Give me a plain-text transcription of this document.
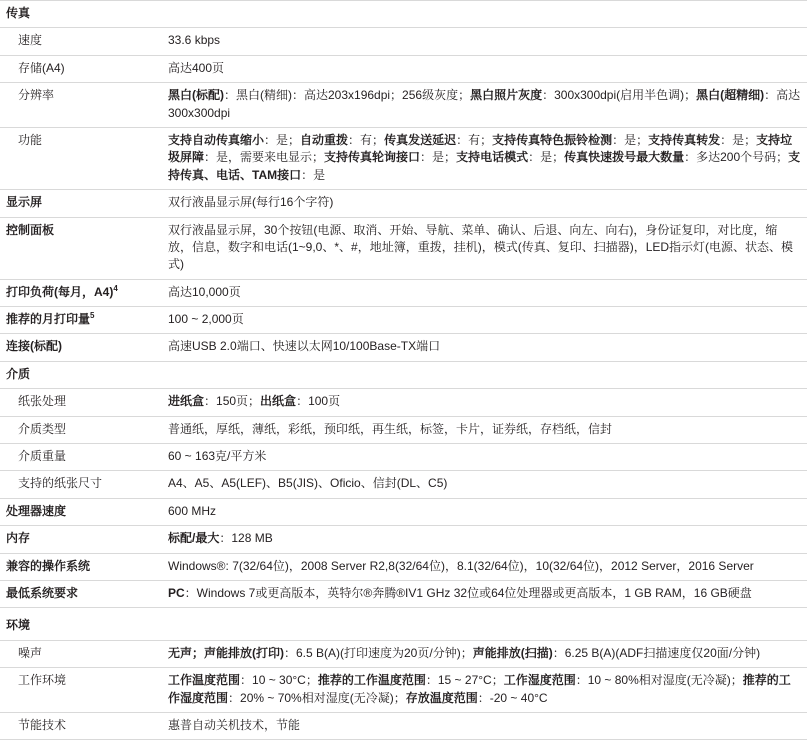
传真	
速度	33.6 kbps
存储(A4)	高达400页
分辨率	黑白(标配)：黑白(精细)：高达203x196dpi；256级灰度；黑白照片灰度：300x300dpi(启用半色调)；黑白(超精细)：高达300x300dpi
功能	支持自动传真缩小：是；自动重拨：有；传真发送延迟：有；支持传真特色振铃检测：是；支持传真转发：是；支持垃圾屏障：是，需要来电显示；支持传真轮询接口：是；支持电话模式：是；传真快速拨号最大数量：多达200个号码；支持传真、电话、TAM接口：是
显示屏	双行液晶显示屏(每行16个字符)
控制面板	双行液晶显示屏，30个按钮(电源、取消、开始、导航、菜单、确认、后退、向左、向右)，身份证复印，对比度，缩放，信息，数字和电话(1~9,0、*、#，地址簿，重拨，挂机)，模式(传真、复印、扫描器)，LED指示灯(电源、状态、模式)
打印负荷(每月，A4)$^4$	高达10,000页
推荐的月打印量$^5$	100 ~ 2,000页
连接(标配)	高速USB 2.0端口、快速以太网10/100Base-TX端口
介质	
纸张处理	进纸盒：150页；出纸盒：100页
介质类型	普通纸，厚纸，薄纸，彩纸，预印纸，再生纸，标签，卡片，证券纸，存档纸，信封
介质重量	60 ~ 163克/平方米
支持的纸张尺寸	A4、A5、A5(LEF)、B5(JIS)、Oficio、信封(DL、C5)
处理器速度	600 MHz
内存	标配/最大：128 MB
兼容的操作系统	Windows®: 7(32/64位)，2008 Server R2,8(32/64位)，8.1(32/64位)，10(32/64位)，2012 Server，2016 Server
最低系统要求	PC：Windows 7或更高版本，英特尔®奔腾®IV1 GHz 32位或64位处理器或更高版本，1 GB RAM，16 GB硬盘

环境	
噪声	无声；声能排放(打印)：6.5 B(A)(打印速度为20页/分钟)；声能排放(扫描)：6.25 B(A)(ADF扫描速度仅20面/分钟)
工作环境	工作温度范围：10 ~ 30°C；推荐的工作温度范围：15 ~ 27°C；工作湿度范围：10 ~ 80%相对湿度(无冷凝)；推荐的工作湿度范围：20% ~ 70%相对湿度(无冷凝)；存放温度范围：-20 ~ 40°C
节能技术	惠普自动关机技术，节能
